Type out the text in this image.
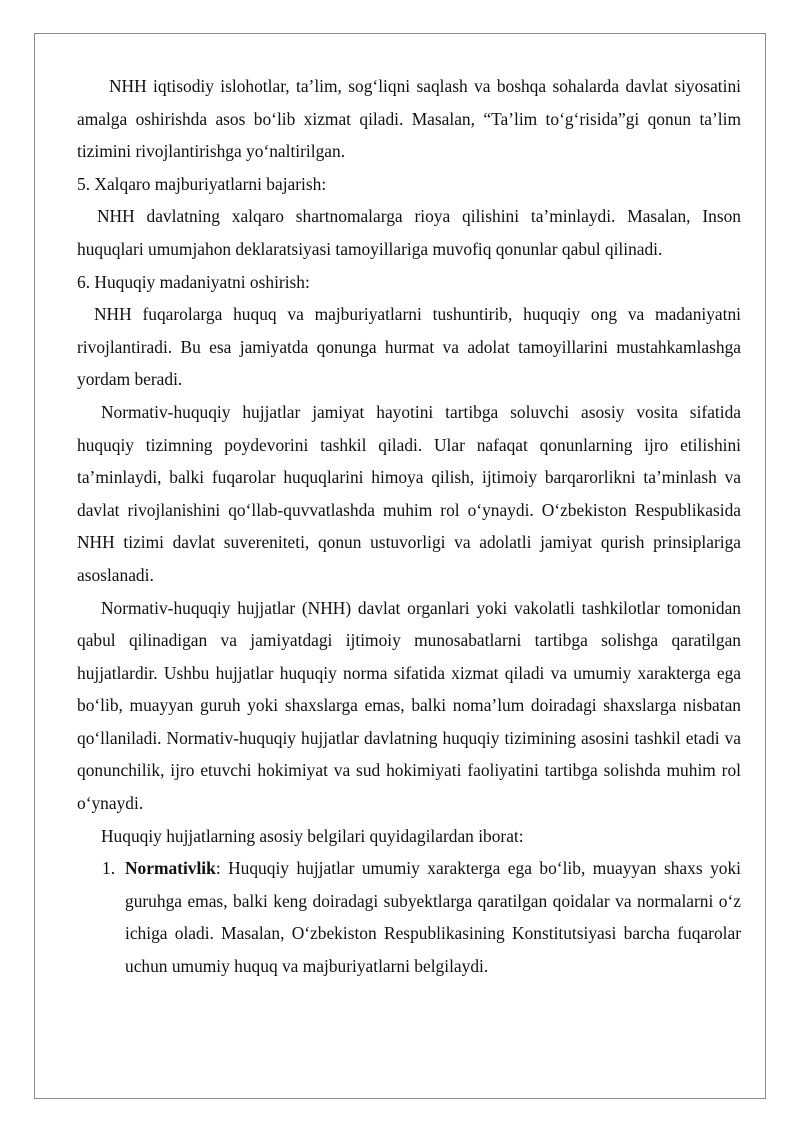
NHH iqtisodiy islohotlar, ta’lim, sog‘liqni saqlash va boshqa sohalarda davlat siyosatini amalga oshirishda asos bo‘lib xizmat qiladi. Masalan, “Ta’lim to‘g‘risida”gi qonun ta’lim tizimini rivojlantirishga yo‘naltirilgan.

5. Xalqaro majburiyatlarni bajarish:

NHH davlatning xalqaro shartnomalarga rioya qilishini ta’minlaydi. Masalan, Inson huquqlari umumjahon deklaratsiyasi tamoyillariga muvofiq qonunlar qabul qilinadi.

6. Huquqiy madaniyatni oshirish:

NHH fuqarolarga huquq va majburiyatlarni tushuntirib, huquqiy ong va madaniyatni rivojlantiradi. Bu esa jamiyatda qonunga hurmat va adolat tamoyillarini mustahkamlashga yordam beradi.

Normativ-huquqiy hujjatlar jamiyat hayotini tartibga soluvchi asosiy vosita sifatida huquqiy tizimning poydevorini tashkil qiladi. Ular nafaqat qonunlarning ijro etilishini ta’minlaydi, balki fuqarolar huquqlarini himoya qilish, ijtimoiy barqarorlikni ta’minlash va davlat rivojlanishini qo‘llab-quvvatlashda muhim rol o‘ynaydi. O‘zbekiston Respublikasida NHH tizimi davlat suvereniteti, qonun ustuvorligi va adolatli jamiyat qurish prinsiplariga asoslanadi.

Normativ-huquqiy hujjatlar (NHH) davlat organlari yoki vakolatli tashkilotlar tomonidan qabul qilinadigan va jamiyatdagi ijtimoiy munosabatlarni tartibga solishga qaratilgan hujjatlardir. Ushbu hujjatlar huquqiy norma sifatida xizmat qiladi va umumiy xarakterga ega bo‘lib, muayyan guruh yoki shaxslarga emas, balki noma’lum doiradagi shaxslarga nisbatan qo‘llaniladi. Normativ-huquqiy hujjatlar davlatning huquqiy tizimining asosini tashkil etadi va qonunchilik, ijro etuvchi hokimiyat va sud hokimiyati faoliyatini tartibga solishda muhim rol o‘ynaydi.

Huquqiy hujjatlarning asosiy belgilari quyidagilardan iborat:

1. Normativlik: Huquqiy hujjatlar umumiy xarakterga ega bo‘lib, muayyan shaxs yoki guruhga emas, balki keng doiradagi subyektlarga qaratilgan qoidalar va normalarni o‘z ichiga oladi. Masalan, O‘zbekiston Respublikasining Konstitutsiyasi barcha fuqarolar uchun umumiy huquq va majburiyatlarni belgilaydi.
